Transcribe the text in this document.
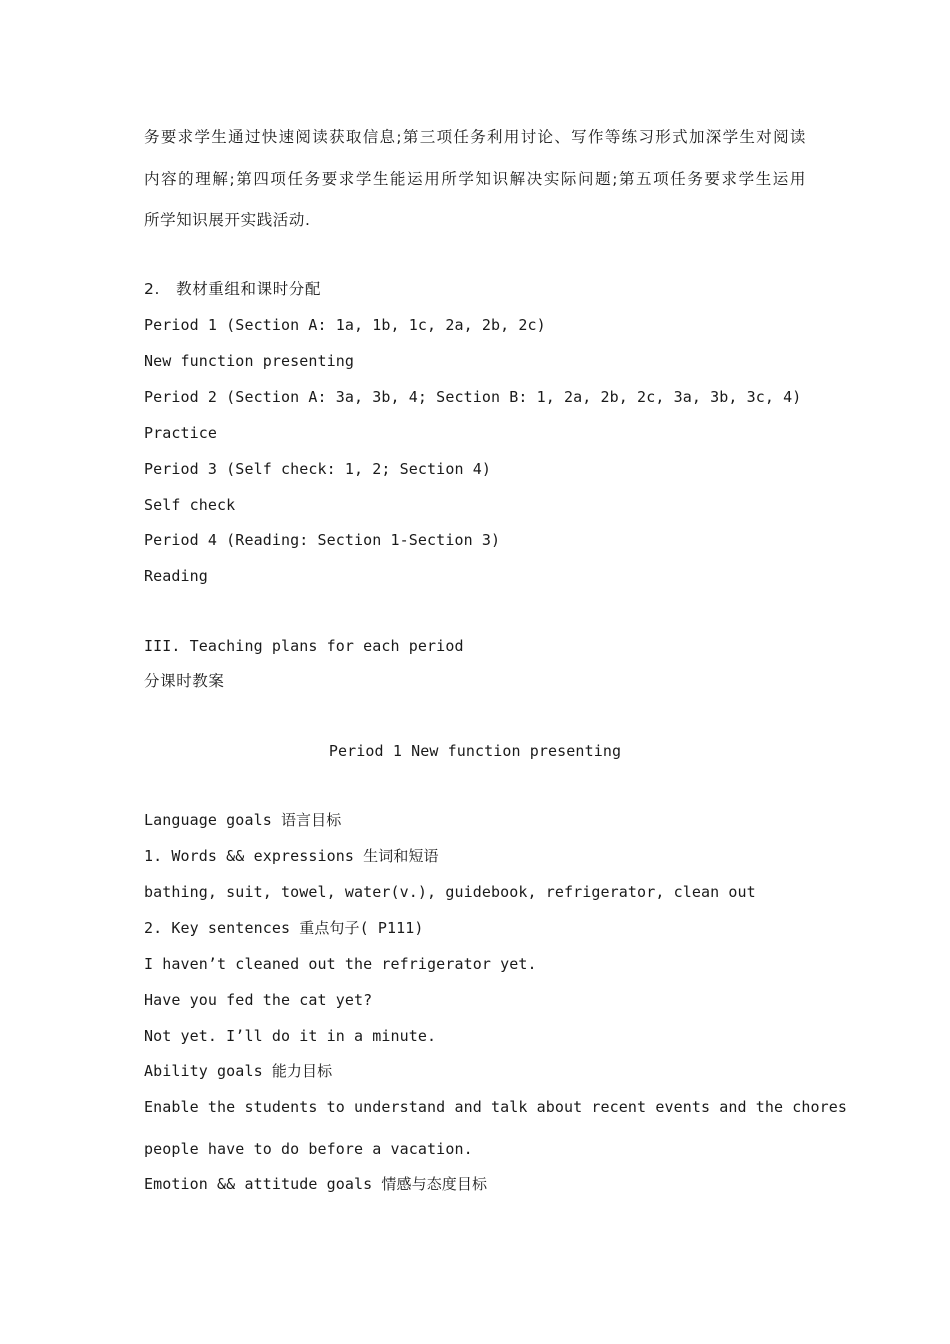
务要求学生通过快速阅读获取信息;第三项任务利用讨论、写作等练习形式加深学生对阅读
内容的理解;第四项任务要求学生能运用所学知识解决实际问题;第五项任务要求学生运用
所学知识展开实践活动.
2.　教材重组和课时分配
Period 1 (Section A: 1a, 1b, 1c, 2a, 2b, 2c)
New function presenting
Period 2 (Section A: 3a, 3b, 4; Section B: 1, 2a, 2b, 2c, 3a, 3b, 3c, 4)
Practice
Period 3 (Self check: 1, 2; Section 4)
Self check
Period 4 (Reading: Section 1-Section 3)
Reading
III. Teaching plans for each period
分课时教案
Period 1 New function presenting
Language goals 语言目标
1. Words && expressions 生词和短语
bathing, suit, towel, water(v.), guidebook, refrigerator, clean out
2. Key sentences 重点句子( P111)
I haven’t cleaned out the refrigerator yet.
Have you fed the cat yet?
Not yet. I’ll do it in a minute.
Ability goals 能力目标
Enable the students to understand and talk about recent events and the chores
people have to do before a vacation.
Emotion && attitude goals 情感与态度目标
